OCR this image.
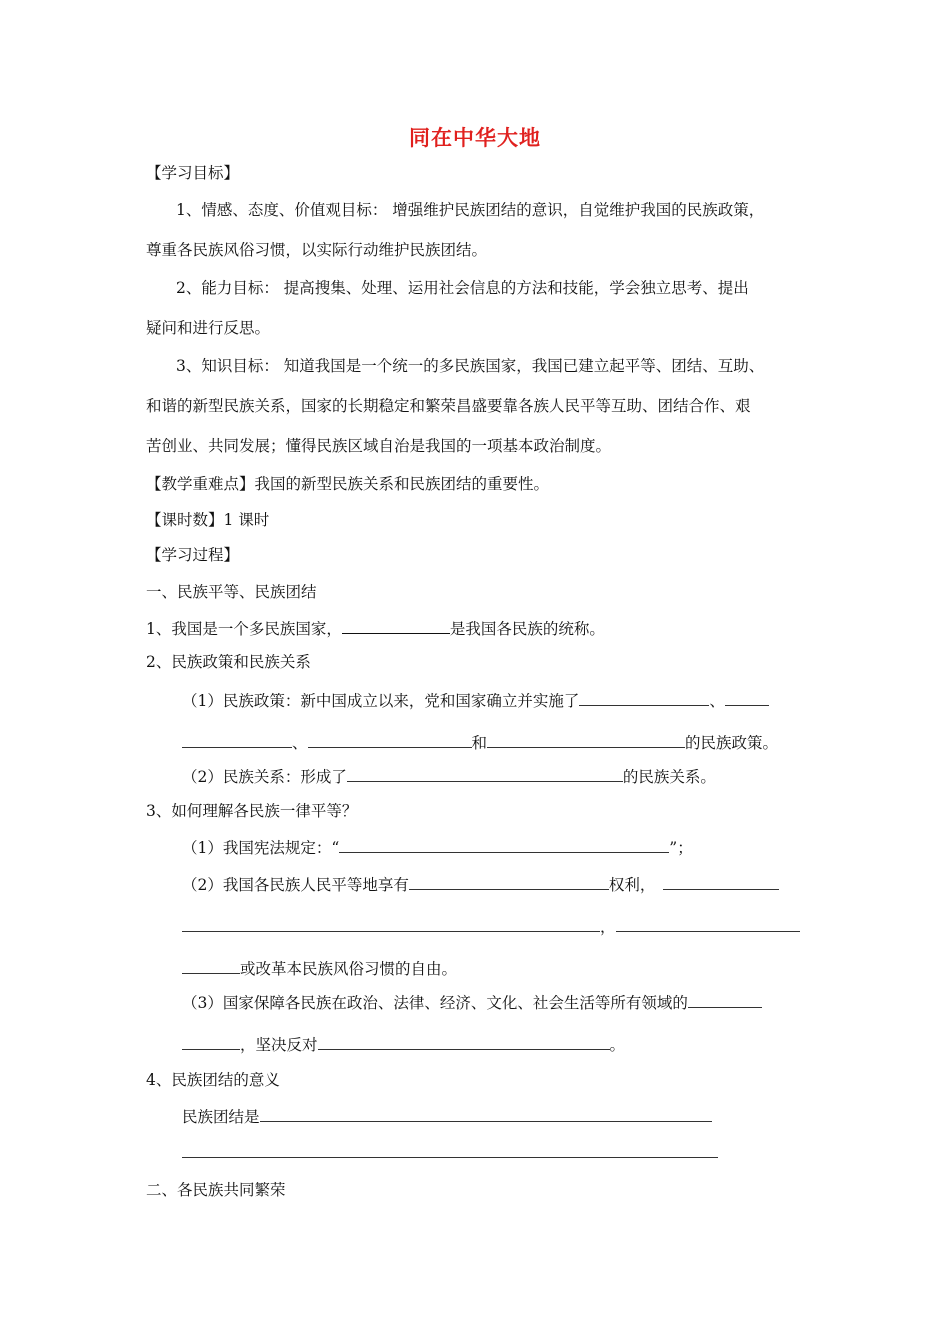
同在中华大地
【学习目标】
1、情感、态度、价值观目标： 增强维护民族团结的意识，自觉维护我国的民族政策，
尊重各民族风俗习惯，以实际行动维护民族团结。
2、能力目标： 提高搜集、处理、运用社会信息的方法和技能，学会独立思考、提出
疑问和进行反思。
3、知识目标： 知道我国是一个统一的多民族国家，我国已建立起平等、团结、互助、
和谐的新型民族关系，国家的长期稳定和繁荣昌盛要靠各族人民平等互助、团结合作、艰
苦创业、共同发展；懂得民族区域自治是我国的一项基本政治制度。
【教学重难点】我国的新型民族关系和民族团结的重要性。
【课时数】1 课时
【学习过程】
一、民族平等、民族团结
1、我国是一个多民族国家，	是我国各民族的统称。
2、民族政策和民族关系
（1）民族政策：新中国成立以来，党和国家确立并实施了	、
、	和	的民族政策。
（2）民族关系：形成了	的民族关系。
3、如何理解各民族一律平等？
（1）我国宪法规定：“	”；
（2）我国各民族人民平等地享有	权利，
，
或改革本民族风俗习惯的自由。
（3）国家保障各民族在政治、法律、经济、文化、社会生活等所有领域的
，坚决反对	。
4、民族团结的意义
民族团结是
二、各民族共同繁荣
